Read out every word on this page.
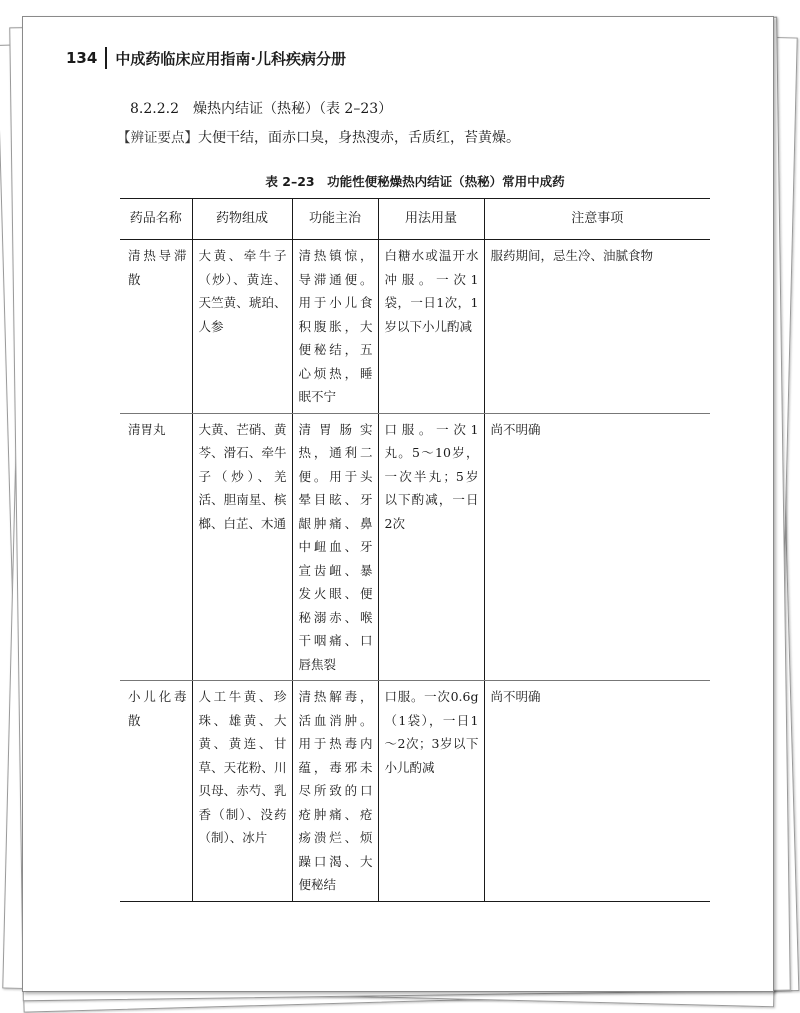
134 中成药临床应用指南·儿科疾病分册
8.2.2.2　燥热内结证（热秘）（表 2–23）
【辨证要点】大便干结，面赤口臭，身热溲赤，舌质红，苔黄燥。
表 2–23　功能性便秘燥热内结证（热秘）常用中成药
药品名称	药物组成	功能主治	用法用量	注意事项
清热导滞散	大黄、牵牛子（炒）、黄连、天竺黄、琥珀、人参	清热镇惊，导滞通便。用于小儿食积腹胀，大便秘结，五心烦热，睡眠不宁	白糖水或温开水冲服。一次1袋，一日1次，1岁以下小儿酌减	服药期间，忌生冷、油腻食物
清胃丸	大黄、芒硝、黄芩、滑石、牵牛子（炒）、羌活、胆南星、槟榔、白芷、木通	清胃肠实热，通利二便。用于头晕目眩、牙龈肿痛、鼻中衄血、牙宣齿衄、暴发火眼、便秘溺赤、喉干咽痛、口唇焦裂	口服。一次1丸。5～10岁，一次半丸；5岁以下酌减，一日2次	尚不明确
小儿化毒散	人工牛黄、珍珠、雄黄、大黄、黄连、甘草、天花粉、川贝母、赤芍、乳香（制）、没药（制）、冰片	清热解毒，活血消肿。用于热毒内蕴，毒邪未尽所致的口疮肿痛、疮疡溃烂、烦躁口渴、大便秘结	口服。一次0.6g（1袋），一日1～2次；3岁以下小儿酌减	尚不明确
